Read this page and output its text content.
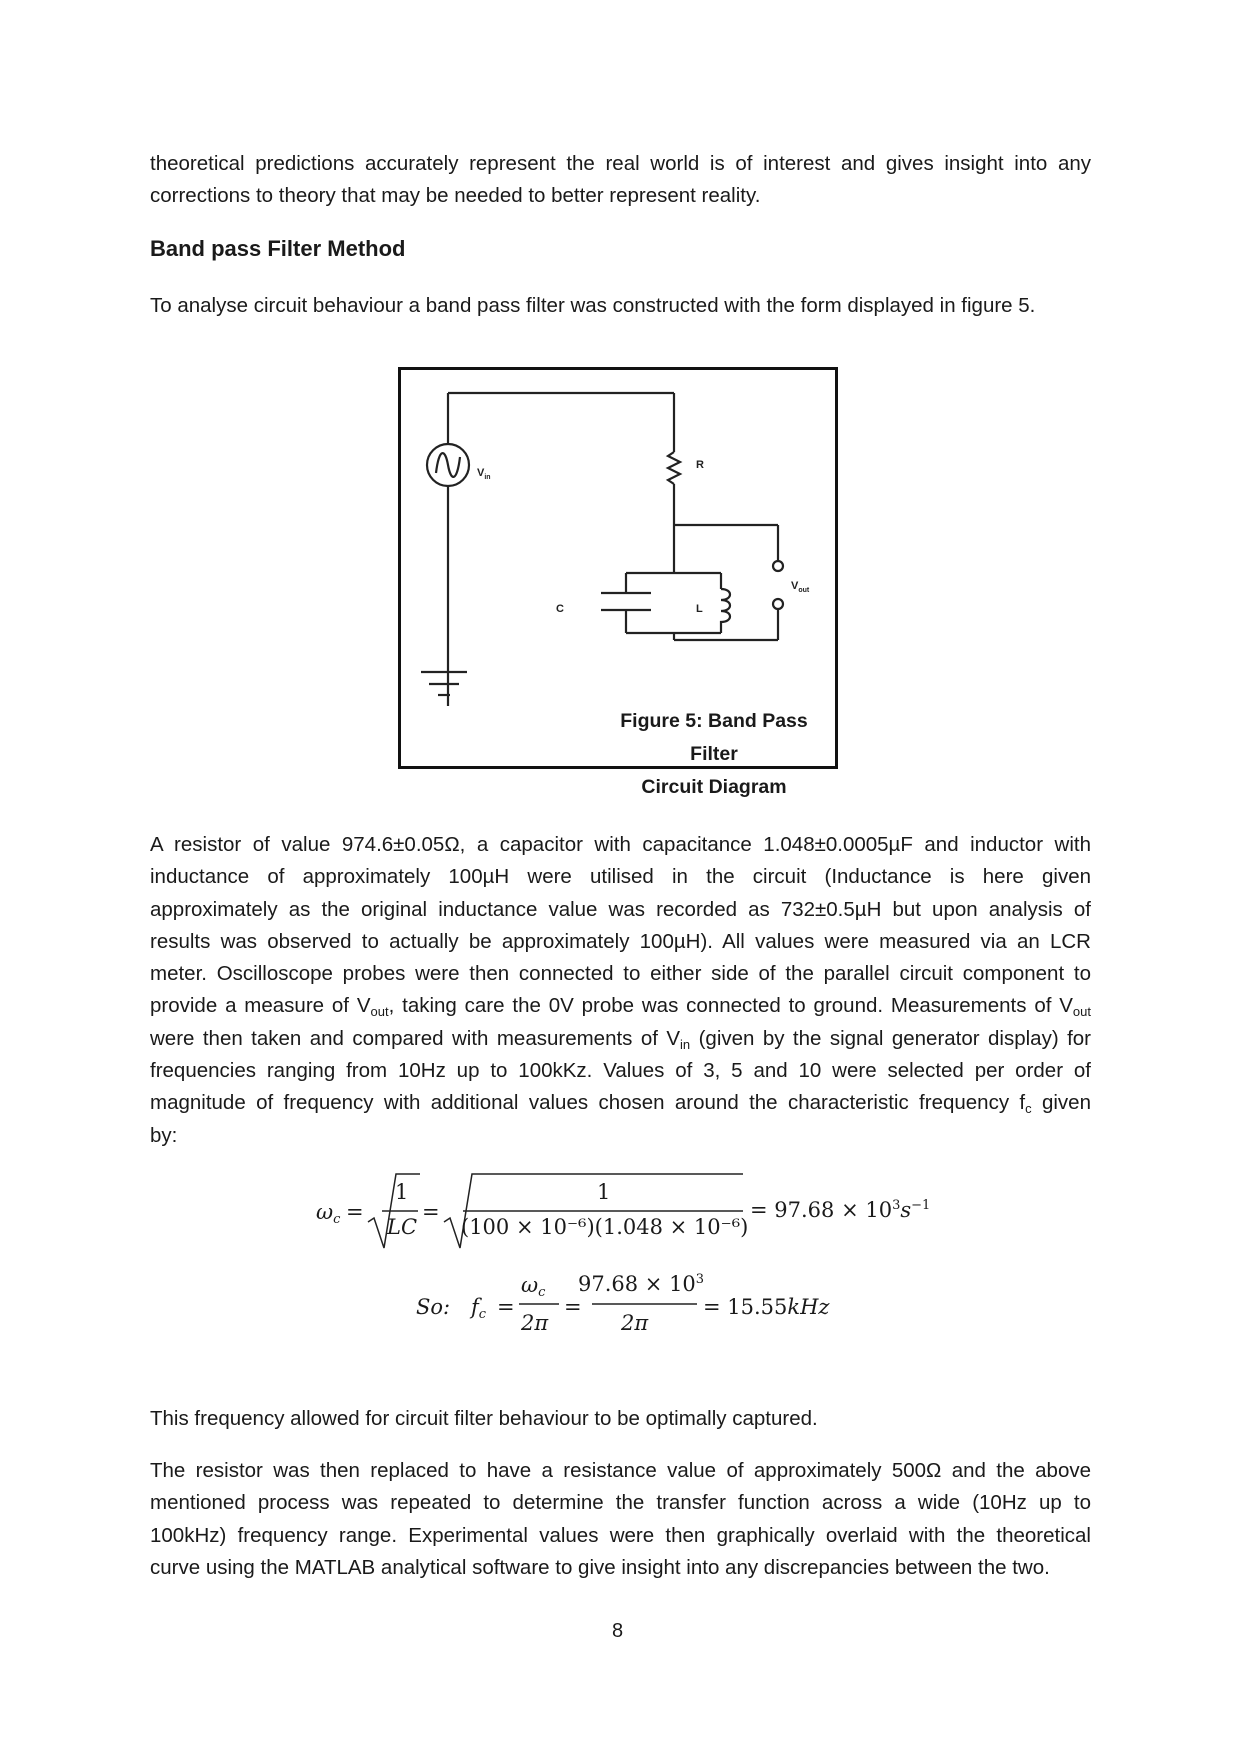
theoretical predictions accurately represent the real world is of interest and gives insight into any
corrections to theory that may be needed to better represent reality.
Band pass Filter Method
To analyse circuit behaviour a band pass filter was constructed with the form displayed in figure 5.
$V_{in}$
R
C	L
$V_{out}$
Figure 5: Band Pass Filter
Circuit Diagram
A resistor of value 974.6±0.05Ω, a capacitor with capacitance 1.048±0.0005µF and inductor with
inductance of approximately 100µH were utilised in the circuit (Inductance is here given
approximately as the original inductance value was recorded as 732±0.5µH but upon analysis of
results was observed to actually be approximately 100µH). All values were measured via an LCR
meter. Oscilloscope probes were then connected to either side of the parallel circuit component to
provide a measure of $V_{out}$, taking care the 0V probe was connected to ground. Measurements of $V_{out}$
were then taken and compared with measurements of $V_{in}$ (given by the signal generator display) for
frequencies ranging from 10Hz up to 100kKz. Values of 3, 5 and 10 were selected per order of
magnitude of frequency with additional values chosen around the characteristic frequency $f_c$ given
by:
$\omega_c$ =
1
LC
=
1
(100 × 10⁻⁶)(1.048 × 10⁻⁶)
= $97.68 \times 10^3s^{-1}$
So: $f_c$ =
$\omega_c$
2π
=
$97.68 \times 10^3$
2π
= 15.55kHz
This frequency allowed for circuit filter behaviour to be optimally captured.
The resistor was then replaced to have a resistance value of approximately 500Ω and the above
mentioned process was repeated to determine the transfer function across a wide (10Hz up to
100kHz) frequency range. Experimental values were then graphically overlaid with the theoretical
curve using the MATLAB analytical software to give insight into any discrepancies between the two.
8
